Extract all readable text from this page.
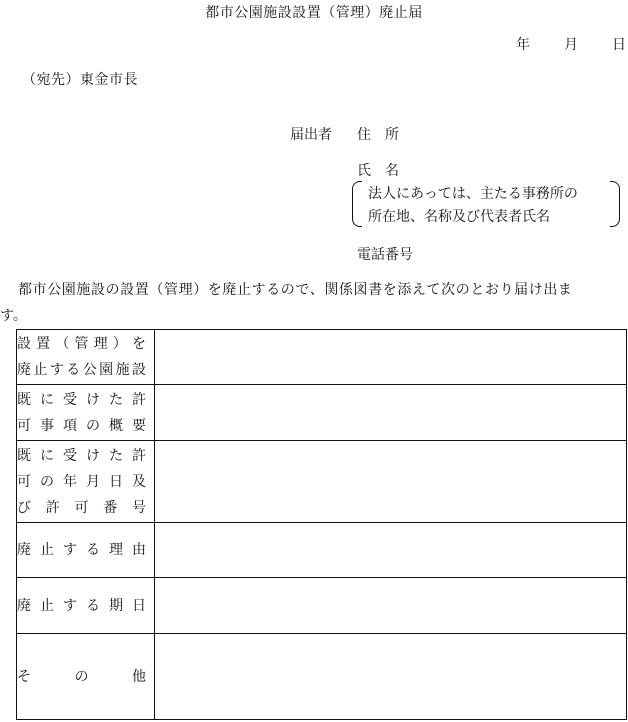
都市公園施設設置（管理）廃止届
年 月 日
（宛先）東金市長
届出者 住　所
氏　名
法人にあっては、主たる事務所の
所在地、名称及び代表者氏名
電話番号
都市公園施設の設置（管理）を廃止するので、関係図書を添えて次のとおり届け出ま
す。
設置（管理）を
廃止する公園施設	

既に受けた許
可事項の概要	

既に受けた許
可の年月日及
び許可番号	

廃止する理由	

廃止する期日	

その他	
